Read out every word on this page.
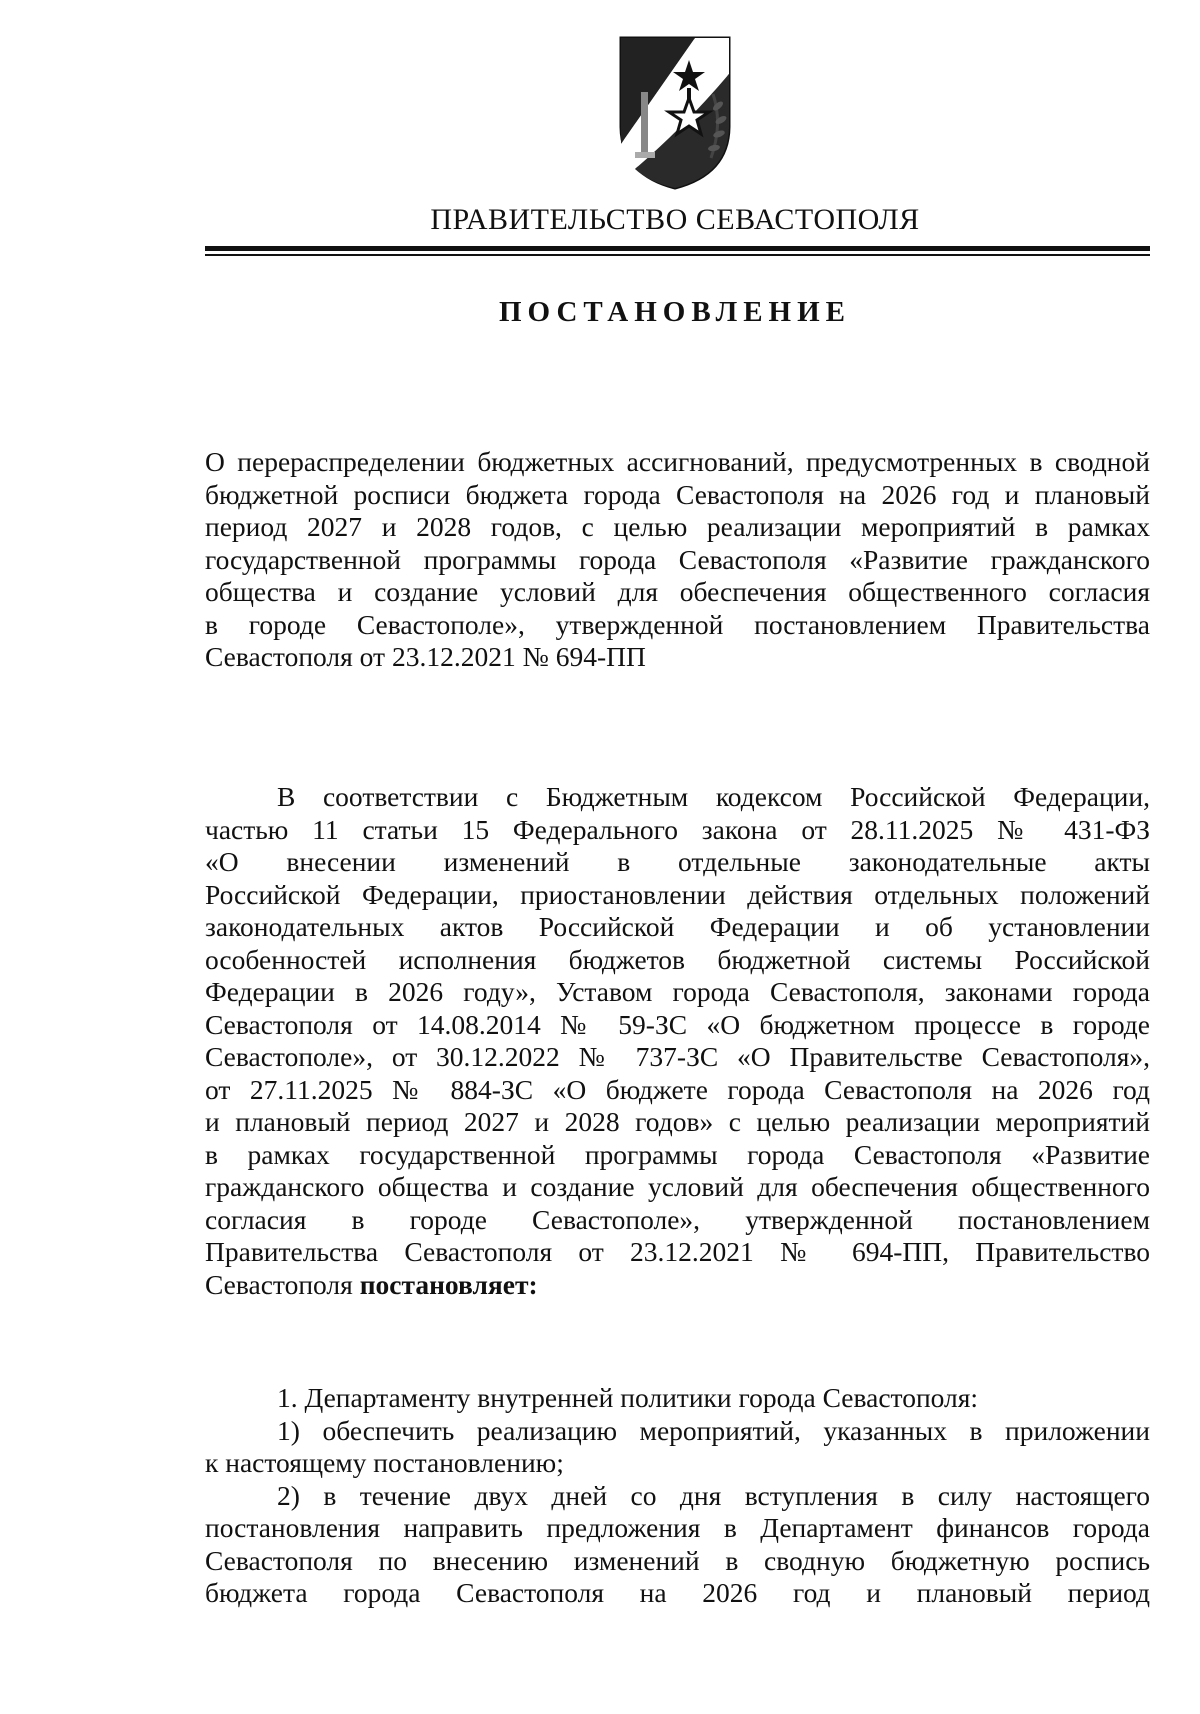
ПРАВИТЕЛЬСТВО СЕВАСТОПОЛЯ
ПОСТАНОВЛЕНИЕ
О перераспределении бюджетных ассигнований, предусмотренных в сводной
бюджетной росписи бюджета города Севастополя на 2026 год и плановый
период 2027 и 2028 годов, с целью реализации мероприятий в рамках
государственной программы города Севастополя «Развитие гражданского
общества и создание условий для обеспечения общественного согласия
в городе Севастополе», утвержденной постановлением Правительства
Севастополя от 23.12.2021 № 694-ПП
В соответствии с Бюджетным кодексом Российской Федерации,
частью 11 статьи 15 Федерального закона от 28.11.2025 № 431-ФЗ
«О внесении изменений в отдельные законодательные акты
Российской Федерации, приостановлении действия отдельных положений
законодательных актов Российской Федерации и об установлении
особенностей исполнения бюджетов бюджетной системы Российской
Федерации в 2026 году», Уставом города Севастополя, законами города
Севастополя от 14.08.2014 № 59-ЗС «О бюджетном процессе в городе
Севастополе», от 30.12.2022 № 737-ЗС «О Правительстве Севастополя»,
от 27.11.2025 № 884-ЗС «О бюджете города Севастополя на 2026 год
и плановый период 2027 и 2028 годов» с целью реализации мероприятий
в рамках государственной программы города Севастополя «Развитие
гражданского общества и создание условий для обеспечения общественного
согласия в городе Севастополе», утвержденной постановлением
Правительства Севастополя от 23.12.2021 № 694-ПП, Правительство
Севастополя постановляет:
1. Департаменту внутренней политики города Севастополя:
1) обеспечить реализацию мероприятий, указанных в приложении
к настоящему постановлению;
2) в течение двух дней со дня вступления в силу настоящего
постановления направить предложения в Департамент финансов города
Севастополя по внесению изменений в сводную бюджетную роспись
бюджета города Севастополя на 2026 год и плановый период
